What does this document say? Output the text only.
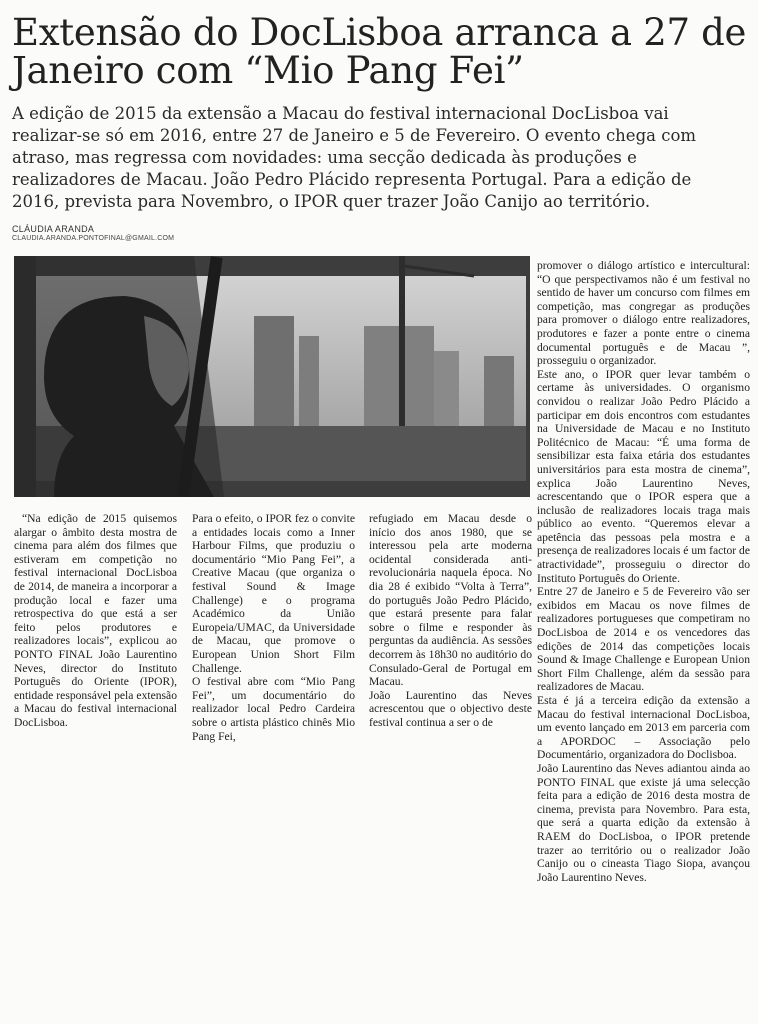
Extensão do DocLisboa arranca a 27 de Janeiro com “Mio Pang Fei”

A edição de 2015 da extensão a Macau do festival internacional DocLisboa vai realizar-se só em 2016, entre 27 de Janeiro e 5 de Fevereiro. O evento chega com atraso, mas regressa com novidades: uma secção dedicada às produções e realizadores de Macau. João Pedro Plácido representa Portugal. Para a edição de 2016, prevista para Novembro, o IPOR quer trazer João Canijo ao território.

CLÁUDIA ARANDA
CLAUDIA.ARANDA.PONTOFINAL@GMAIL.COM

“Na edição de 2015 quisemos alargar o âmbito desta mostra de cinema para além dos filmes que estiveram em competição no festival internacional DocLisboa de 2014, de maneira a incorporar a produção local e fazer uma retrospectiva do que está a ser feito pelos produtores e realizadores locais”, explicou ao PONTO FINAL João Laurentino Neves, director do Instituto Português do Oriente (IPOR), entidade responsável pela extensão a Macau do festival internacional DocLisboa.

Para o efeito, o IPOR fez o convite a entidades locais como a Inner Harbour Films, que produziu o documentário “Mio Pang Fei”, a Creative Macau (que organiza o festival Sound & Image Challenge) e o programa Académico da União Europeia/UMAC, da Universidade de Macau, que promove o European Union Short Film Challenge.

O festival abre com “Mio Pang Fei”, um documentário do realizador local Pedro Cardeira sobre o artista plástico chinês Mio Pang Fei,

refugiado em Macau desde o início dos anos 1980, que se interessou pela arte moderna ocidental considerada anti-revolucionária naquela época. No dia 28 é exibido “Volta à Terra”, do português João Pedro Plácido, que estará presente para falar sobre o filme e responder às perguntas da audiência. As sessões decorrem às 18h30 no auditório do Consulado-Geral de Portugal em Macau.

João Laurentino das Neves acrescentou que o objectivo deste festival continua a ser o de

promover o diálogo artístico e intercultural: “O que perspectivamos não é um festival no sentido de haver um concurso com filmes em competição, mas congregar as produções para promover o diálogo entre realizadores, produtores e fazer a ponte entre o cinema documental português e de Macau ”, prosseguiu o organizador.

Este ano, o IPOR quer levar também o certame às universidades. O organismo convidou o realizar João Pedro Plácido a participar em dois encontros com estudantes na Universidade de Macau e no Instituto Politécnico de Macau: “É uma forma de sensibilizar esta faixa etária dos estudantes universitários para esta mostra de cinema”, explica João Laurentino Neves, acrescentando que o IPOR espera que a inclusão de realizadores locais traga mais público ao evento. “Queremos elevar a apetência das pessoas pela mostra e a presença de realizadores locais é um factor de atractividade”, prosseguiu o director do Instituto Português do Oriente.

Entre 27 de Janeiro e 5 de Fevereiro vão ser exibidos em Macau os nove filmes de realizadores portugueses que competiram no DocLisboa de 2014 e os vencedores das edições de 2014 das competições locais Sound & Image Challenge e European Union Short Film Challenge, além da sessão para realizadores de Macau.

Esta é já a terceira edição da extensão a Macau do festival internacional DocLisboa, um evento lançado em 2013 em parceria com a APORDOC – Associação pelo Documentário, organizadora do Doclisboa.

João Laurentino das Neves adiantou ainda ao PONTO FINAL que existe já uma selecção feita para a edição de 2016 desta mostra de cinema, prevista para Novembro. Para esta, que será a quarta edição da extensão à RAEM do DocLisboa, o IPOR pretende trazer ao território ou o realizador João Canijo ou o cineasta Tiago Siopa, avançou João Laurentino Neves.
